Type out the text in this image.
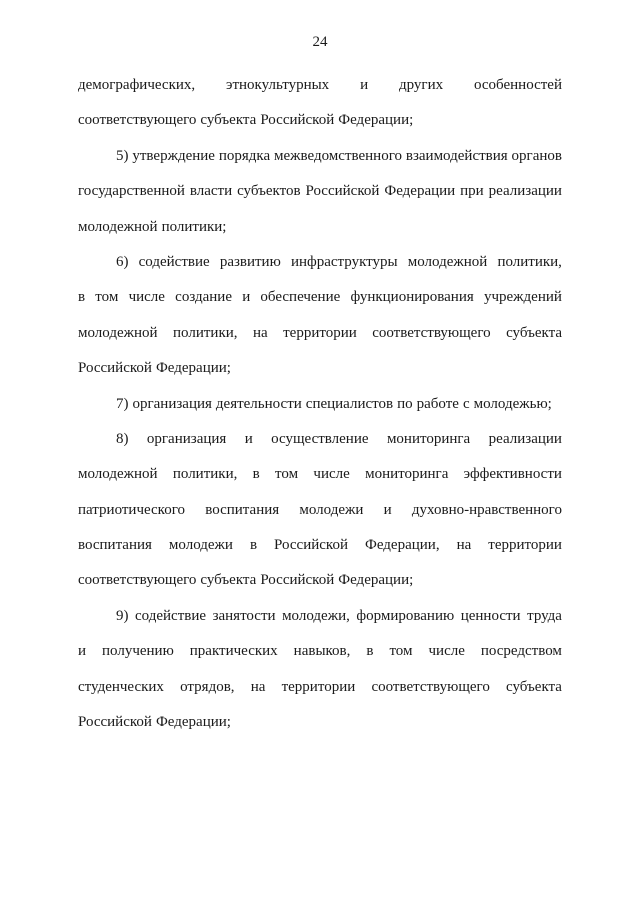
24
демографических, этнокультурных и других особенностей
соответствующего субъекта Российской Федерации;
5) утверждение порядка межведомственного взаимодействия органов
государственной власти субъектов Российской Федерации при реализации
молодежной политики;
6) содействие развитию инфраструктуры молодежной политики,
в том числе создание и обеспечение функционирования учреждений
молодежной политики, на территории соответствующего субъекта
Российской Федерации;
7) организация деятельности специалистов по работе с молодежью;
8) организация и осуществление мониторинга реализации
молодежной политики, в том числе мониторинга эффективности
патриотического воспитания молодежи и духовно-нравственного
воспитания молодежи в Российской Федерации, на территории
соответствующего субъекта Российской Федерации;
9) содействие занятости молодежи, формированию ценности труда
и получению практических навыков, в том числе посредством
студенческих отрядов, на территории соответствующего субъекта
Российской Федерации;
